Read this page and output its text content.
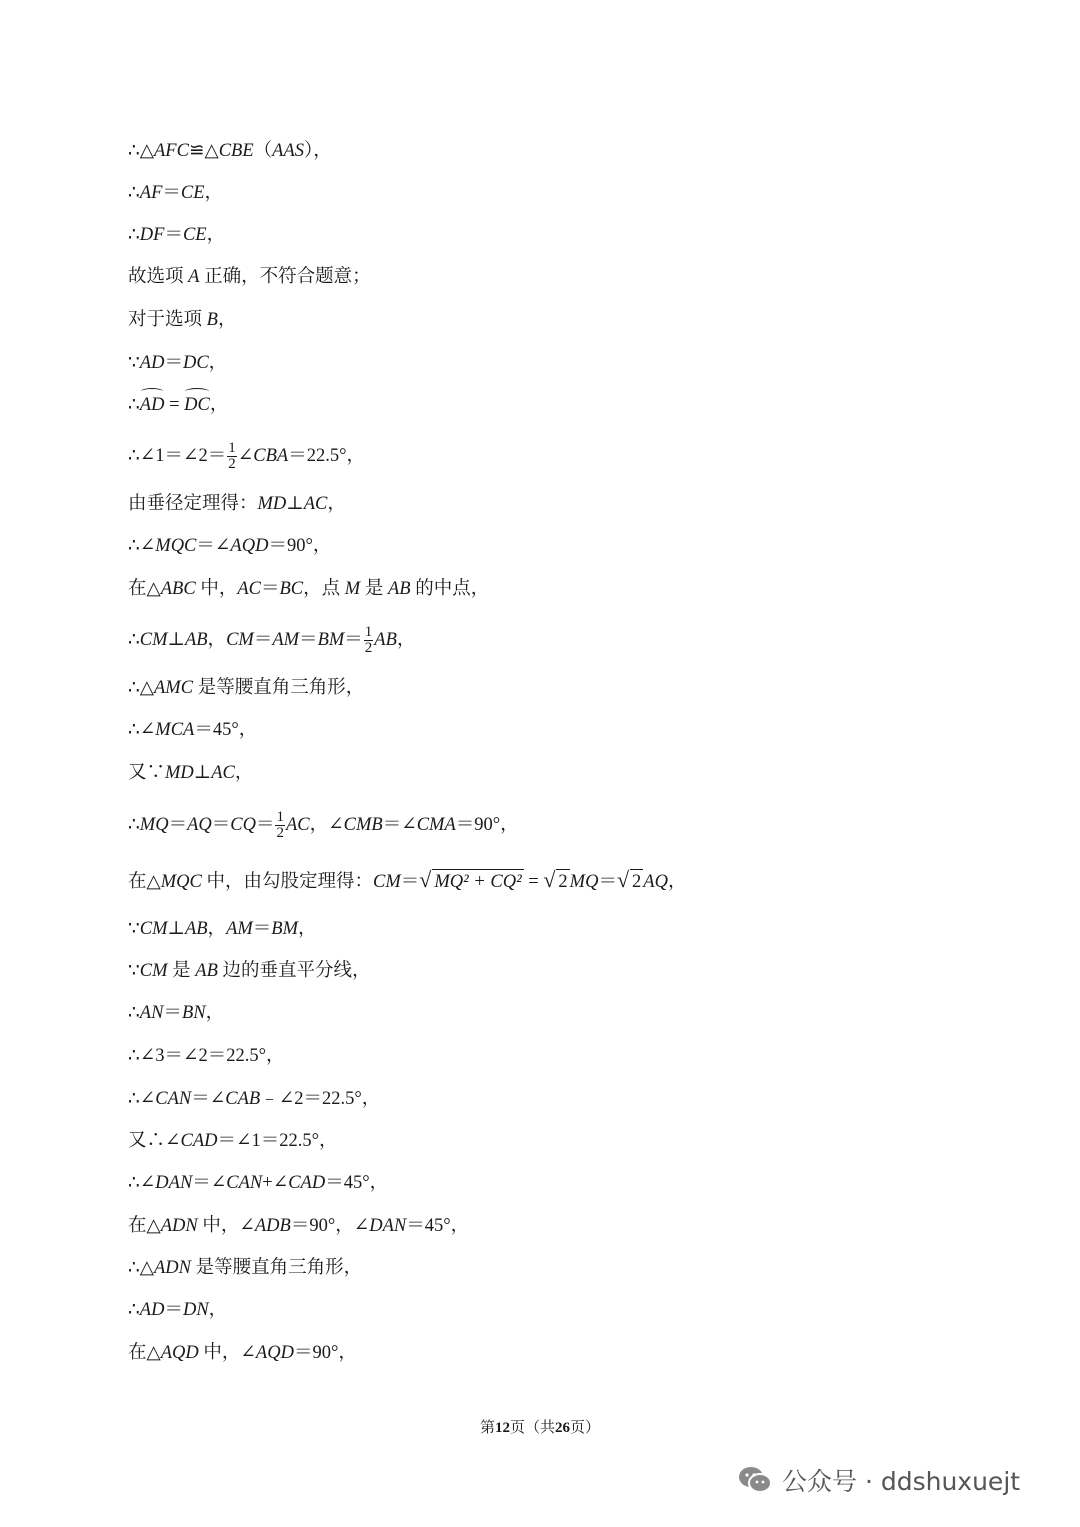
∴△AFC≌△CBE（AAS），
∴AF＝CE，
∴DF＝CE，
故选项 A 正确，不符合题意；
对于选项 B，
∵AD＝DC，
∴AD = DC，
∴∠1＝∠2＝ $\frac{1}{2}$ ∠CBA＝22.5°，
由垂径定理得：MD⊥AC，
∴∠MQC＝∠AQD＝90°，
在△ABC 中，AC＝BC，点 M 是 AB 的中点，
∴CM⊥AB，$CM=AM=BM= \frac{1}{2}$ AB，
∴△AMC 是等腰直角三角形，
∴∠MCA＝45°，
又∵MD⊥AC，
∴MQ＝AQ＝CQ＝ $\frac{1}{2}$ AC，∠CMB＝∠CMA＝90°，
在△MQC 中，由勾股定理得：CM＝√ MQ² + CQ² = √ 2 MQ＝√ 2 AQ，
∵CM⊥AB，AM＝BM，
∵CM 是 AB 边的垂直平分线，
∴AN＝BN，
∴∠3＝∠2＝22.5°，
∴∠CAN＝∠CAB﹣∠2＝22.5°，
又∴∠CAD＝∠1＝22.5°，
∴∠DAN＝∠CAN+∠CAD＝45°，
在△ADN 中，∠ADB＝90°，∠DAN＝45°，
∴△ADN 是等腰直角三角形，
∴AD＝DN，
在△AQD 中，∠AQD＝90°，
第12页（共26页）
公众号 · ddshuxuejt
